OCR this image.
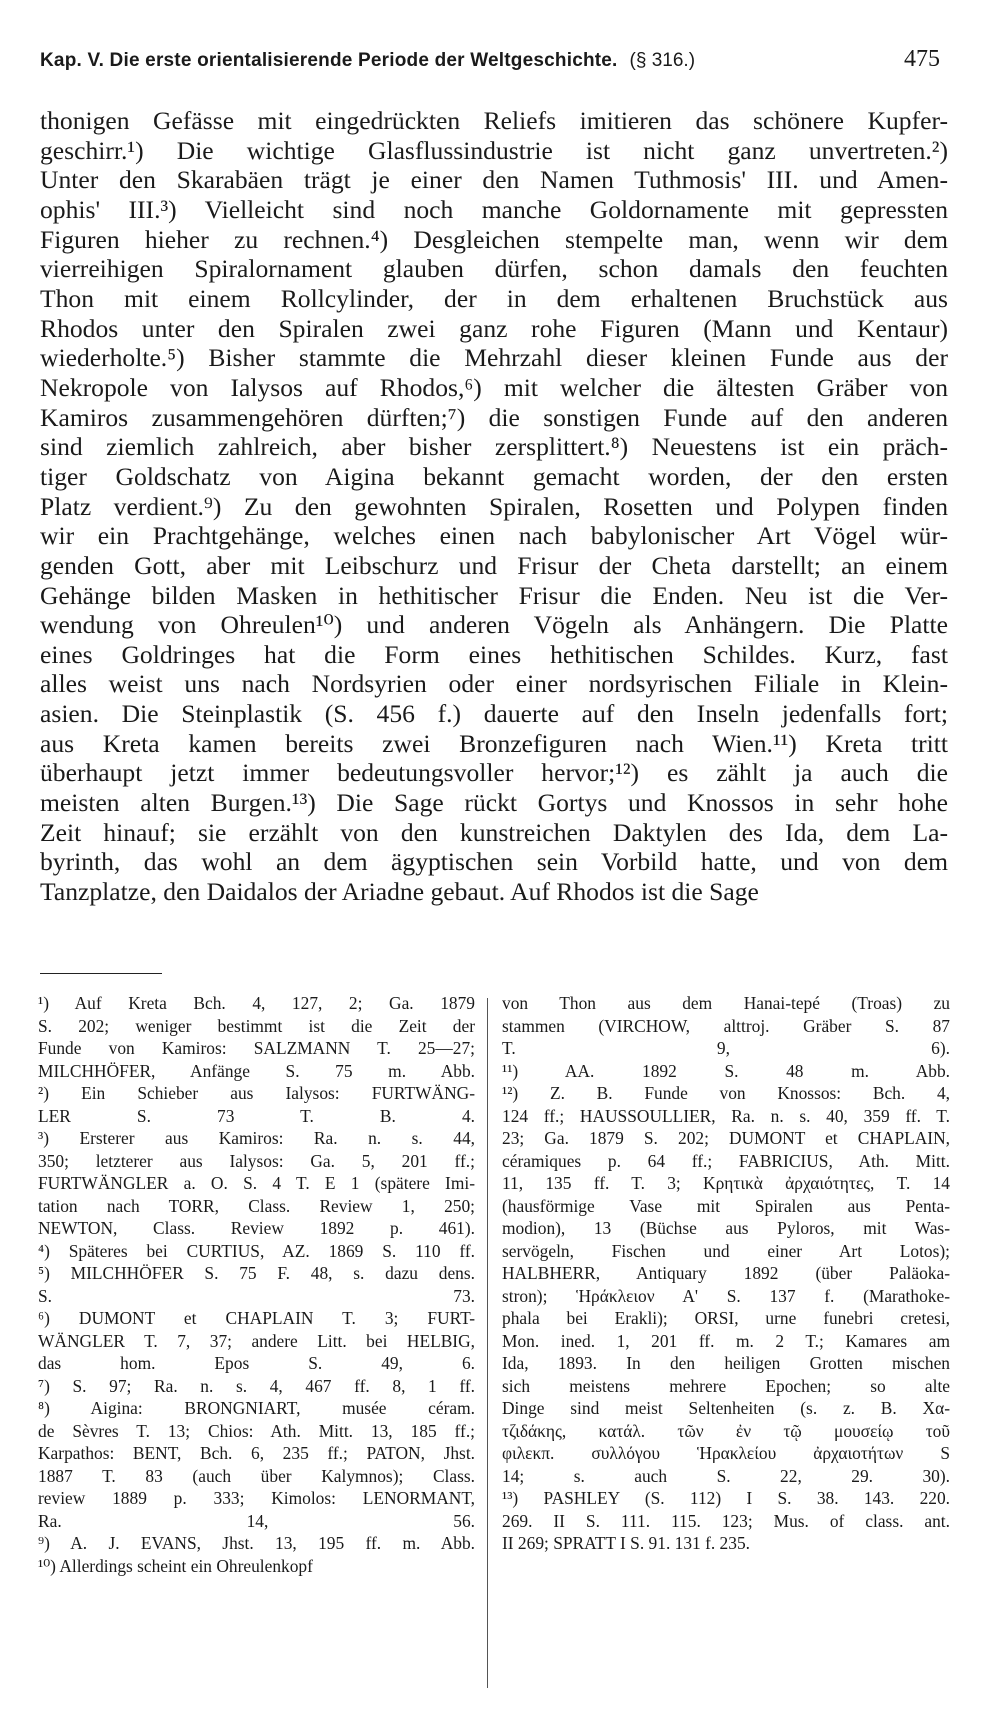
Kap. V. Die erste orientalisierende Periode der Weltgeschichte. (§ 316.)	475
thonigen Gefässe mit eingedrückten Reliefs imitieren das schönere Kupfer-
geschirr.¹) Die wichtige Glasflussindustrie ist nicht ganz unvertreten.²)
Unter den Skarabäen trägt je einer den Namen Tuthmosis' III. und Amen-
ophis' III.³) Vielleicht sind noch manche Goldornamente mit gepressten
Figuren hieher zu rechnen.⁴) Desgleichen stempelte man, wenn wir dem
vierreihigen Spiralornament glauben dürfen, schon damals den feuchten
Thon mit einem Rollcylinder, der in dem erhaltenen Bruchstück aus
Rhodos unter den Spiralen zwei ganz rohe Figuren (Mann und Kentaur)
wiederholte.⁵) Bisher stammte die Mehrzahl dieser kleinen Funde aus der
Nekropole von Ialysos auf Rhodos,⁶) mit welcher die ältesten Gräber von
Kamiros zusammengehören dürften;⁷) die sonstigen Funde auf den anderen
sind ziemlich zahlreich, aber bisher zersplittert.⁸) Neuestens ist ein präch-
tiger Goldschatz von Aigina bekannt gemacht worden, der den ersten
Platz verdient.⁹) Zu den gewohnten Spiralen, Rosetten und Polypen finden
wir ein Prachtgehänge, welches einen nach babylonischer Art Vögel wür-
genden Gott, aber mit Leibschurz und Frisur der Cheta darstellt; an einem
Gehänge bilden Masken in hethitischer Frisur die Enden. Neu ist die Ver-
wendung von Ohreulen¹⁰) und anderen Vögeln als Anhängern. Die Platte
eines Goldringes hat die Form eines hethitischen Schildes. Kurz, fast
alles weist uns nach Nordsyrien oder einer nordsyrischen Filiale in Klein-
asien. Die Steinplastik (S. 456 f.) dauerte auf den Inseln jedenfalls fort;
aus Kreta kamen bereits zwei Bronzefiguren nach Wien.¹¹) Kreta tritt
überhaupt jetzt immer bedeutungsvoller hervor;¹²) es zählt ja auch die
meisten alten Burgen.¹³) Die Sage rückt Gortys und Knossos in sehr hohe
Zeit hinauf; sie erzählt von den kunstreichen Daktylen des Ida, dem La-
byrinth, das wohl an dem ägyptischen sein Vorbild hatte, und von dem
Tanzplatze, den Daidalos der Ariadne gebaut. Auf Rhodos ist die Sage
¹) Auf Kreta Bch. 4, 127, 2; Ga. 1879
S. 202; weniger bestimmt ist die Zeit der
Funde von Kamiros: SALZMANN T. 25—27;
MILCHHÖFER, Anfänge S. 75 m. Abb.
²) Ein Schieber aus Ialysos: FURTWÄNG-
LER S. 73 T. B. 4.
³) Ersterer aus Kamiros: Ra. n. s. 44,
350; letzterer aus Ialysos: Ga. 5, 201 ff.;
FURTWÄNGLER a. O. S. 4 T. E 1 (spätere Imi-
tation nach TORR, Class. Review 1, 250;
NEWTON, Class. Review 1892 p. 461).
⁴) Späteres bei CURTIUS, AZ. 1869 S. 110 ff.
⁵) MILCHHÖFER S. 75 F. 48, s. dazu dens.
S. 73.
⁶) DUMONT et CHAPLAIN T. 3; FURT-
WÄNGLER T. 7, 37; andere Litt. bei HELBIG,
das hom. Epos S. 49, 6.
⁷) S. 97; Ra. n. s. 4, 467 ff. 8, 1 ff.
⁸) Aigina: BRONGNIART, musée céram.
de Sèvres T. 13; Chios: Ath. Mitt. 13, 185 ff.;
Karpathos: BENT, Bch. 6, 235 ff.; PATON, Jhst.
1887 T. 83 (auch über Kalymnos); Class.
review 1889 p. 333; Kimolos: LENORMANT,
Ra. 14, 56.
⁹) A. J. EVANS, Jhst. 13, 195 ff. m. Abb.
¹⁰) Allerdings scheint ein Ohreulenkopf
von Thon aus dem Hanai-tepé (Troas) zu
stammen (VIRCHOW, alttroj. Gräber S. 87
T. 9, 6).
¹¹) AA. 1892 S. 48 m. Abb.
¹²) Z. B. Funde von Knossos: Bch. 4,
124 ff.; HAUSSOULLIER, Ra. n. s. 40, 359 ff. T.
23; Ga. 1879 S. 202; DUMONT et CHAPLAIN,
céramiques p. 64 ff.; FABRICIUS, Ath. Mitt.
11, 135 ff. T. 3; Κρητικὰ ἀρχαιότητες, T. 14
(hausförmige Vase mit Spiralen aus Penta-
modion), 13 (Büchse aus Pyloros, mit Was-
servögeln, Fischen und einer Art Lotos);
HALBHERR, Antiquary 1892 (über Paläoka-
stron); Ἡράκλειον Α' S. 137 f. (Marathoke-
phala bei Erakli); ORSI, urne funebri cretesi,
Mon. ined. 1, 201 ff. m. 2 T.; Kamares am
Ida, 1893. In den heiligen Grotten mischen
sich meistens mehrere Epochen; so alte
Dinge sind meist Seltenheiten (s. z. B. Χα-
τζιδάκης, κατάλ. τῶν ἐν τῷ μουσείῳ τοῦ
φιλεκπ. συλλόγου Ἡρακλείου ἀρχαιοτήτων S
14; s. auch S. 22, 29. 30).
¹³) PASHLEY (S. 112) I S. 38. 143. 220.
269. II S. 111. 115. 123; Mus. of class. ant.
II 269; SPRATT I S. 91. 131 f. 235.
